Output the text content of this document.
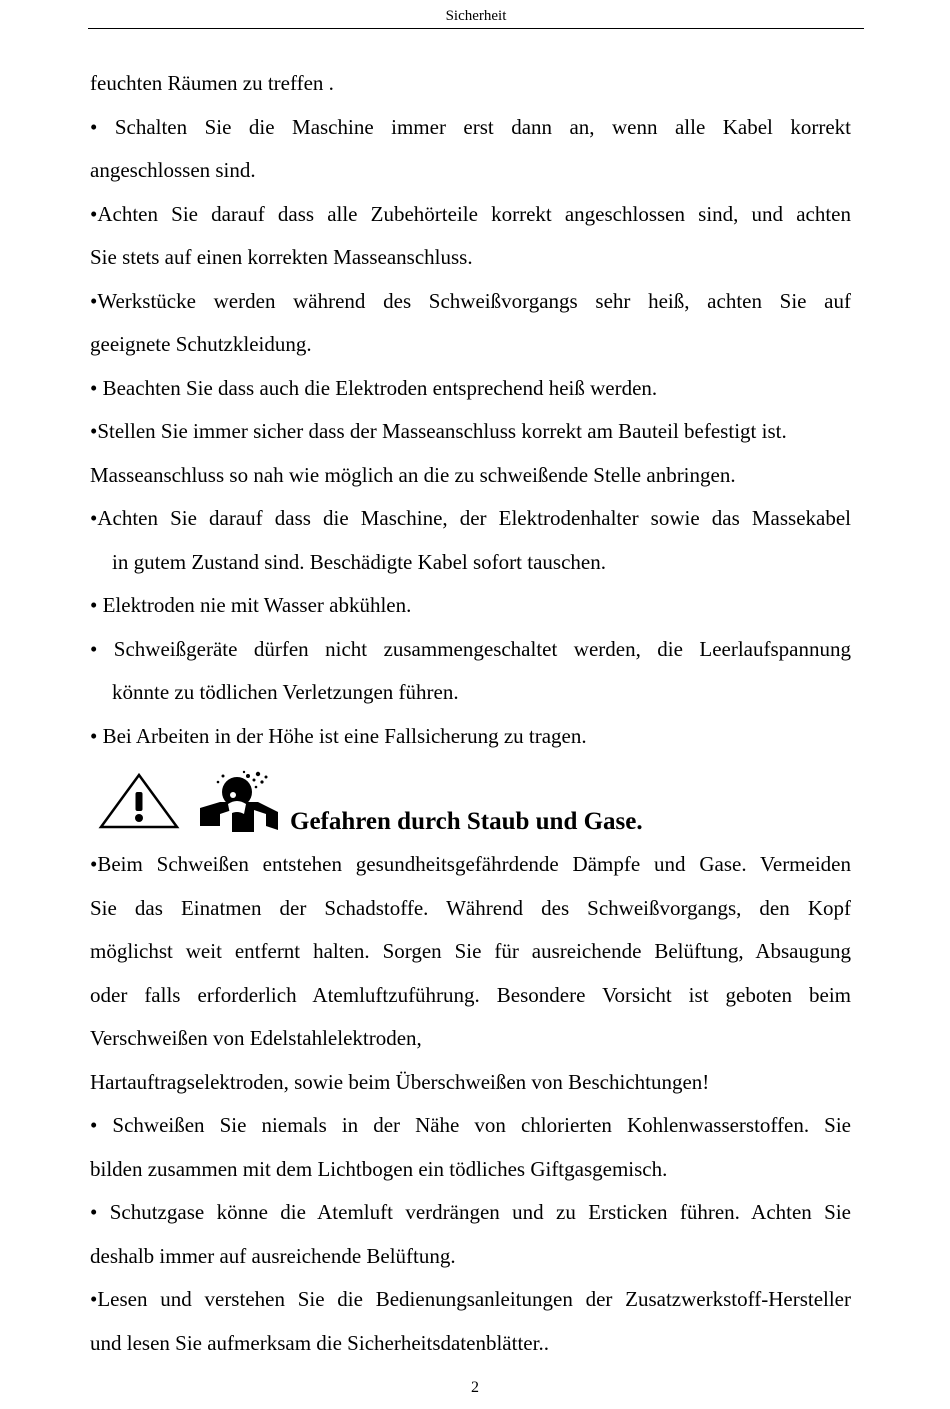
Sicherheit
feuchten Räumen zu treffen .
• Schalten Sie die Maschine immer erst dann an, wenn alle Kabel korrekt
angeschlossen sind.
•Achten Sie darauf dass alle Zubehörteile korrekt angeschlossen sind, und achten
Sie stets auf einen korrekten Masseanschluss.
•Werkstücke werden während des Schweißvorgangs sehr heiß, achten Sie auf
geeignete Schutzkleidung.
• Beachten Sie dass auch die Elektroden entsprechend heiß werden.
•Stellen Sie immer sicher dass der Masseanschluss korrekt am Bauteil befestigt ist.
Masseanschluss so nah wie möglich an die zu schweißende Stelle anbringen.
•Achten Sie darauf dass die Maschine, der Elektrodenhalter sowie das Massekabel
in gutem Zustand sind. Beschädigte Kabel sofort tauschen.
• Elektroden nie mit Wasser abkühlen.
• Schweißgeräte dürfen nicht zusammengeschaltet werden, die Leerlaufspannung
könnte zu tödlichen Verletzungen führen.
• Bei Arbeiten in der Höhe ist eine Fallsicherung zu tragen.
Gefahren durch Staub und Gase.
•Beim Schweißen entstehen gesundheitsgefährdende Dämpfe und Gase. Vermeiden
Sie das Einatmen der Schadstoffe. Während des Schweißvorgangs, den Kopf
möglichst weit entfernt halten. Sorgen Sie für ausreichende Belüftung, Absaugung
oder falls erforderlich Atemluftzuführung. Besondere Vorsicht ist geboten beim
Verschweißen von Edelstahlelektroden,
Hartauftragselektroden, sowie beim Überschweißen von Beschichtungen!
• Schweißen Sie niemals in der Nähe von chlorierten Kohlenwasserstoffen. Sie
bilden zusammen mit dem Lichtbogen ein tödliches Giftgasgemisch.
• Schutzgase könne die Atemluft verdrängen und zu Ersticken führen. Achten Sie
deshalb immer auf ausreichende Belüftung.
•Lesen und verstehen Sie die Bedienungsanleitungen der Zusatzwerkstoff-Hersteller
und lesen Sie aufmerksam die Sicherheitsdatenblätter..
2
